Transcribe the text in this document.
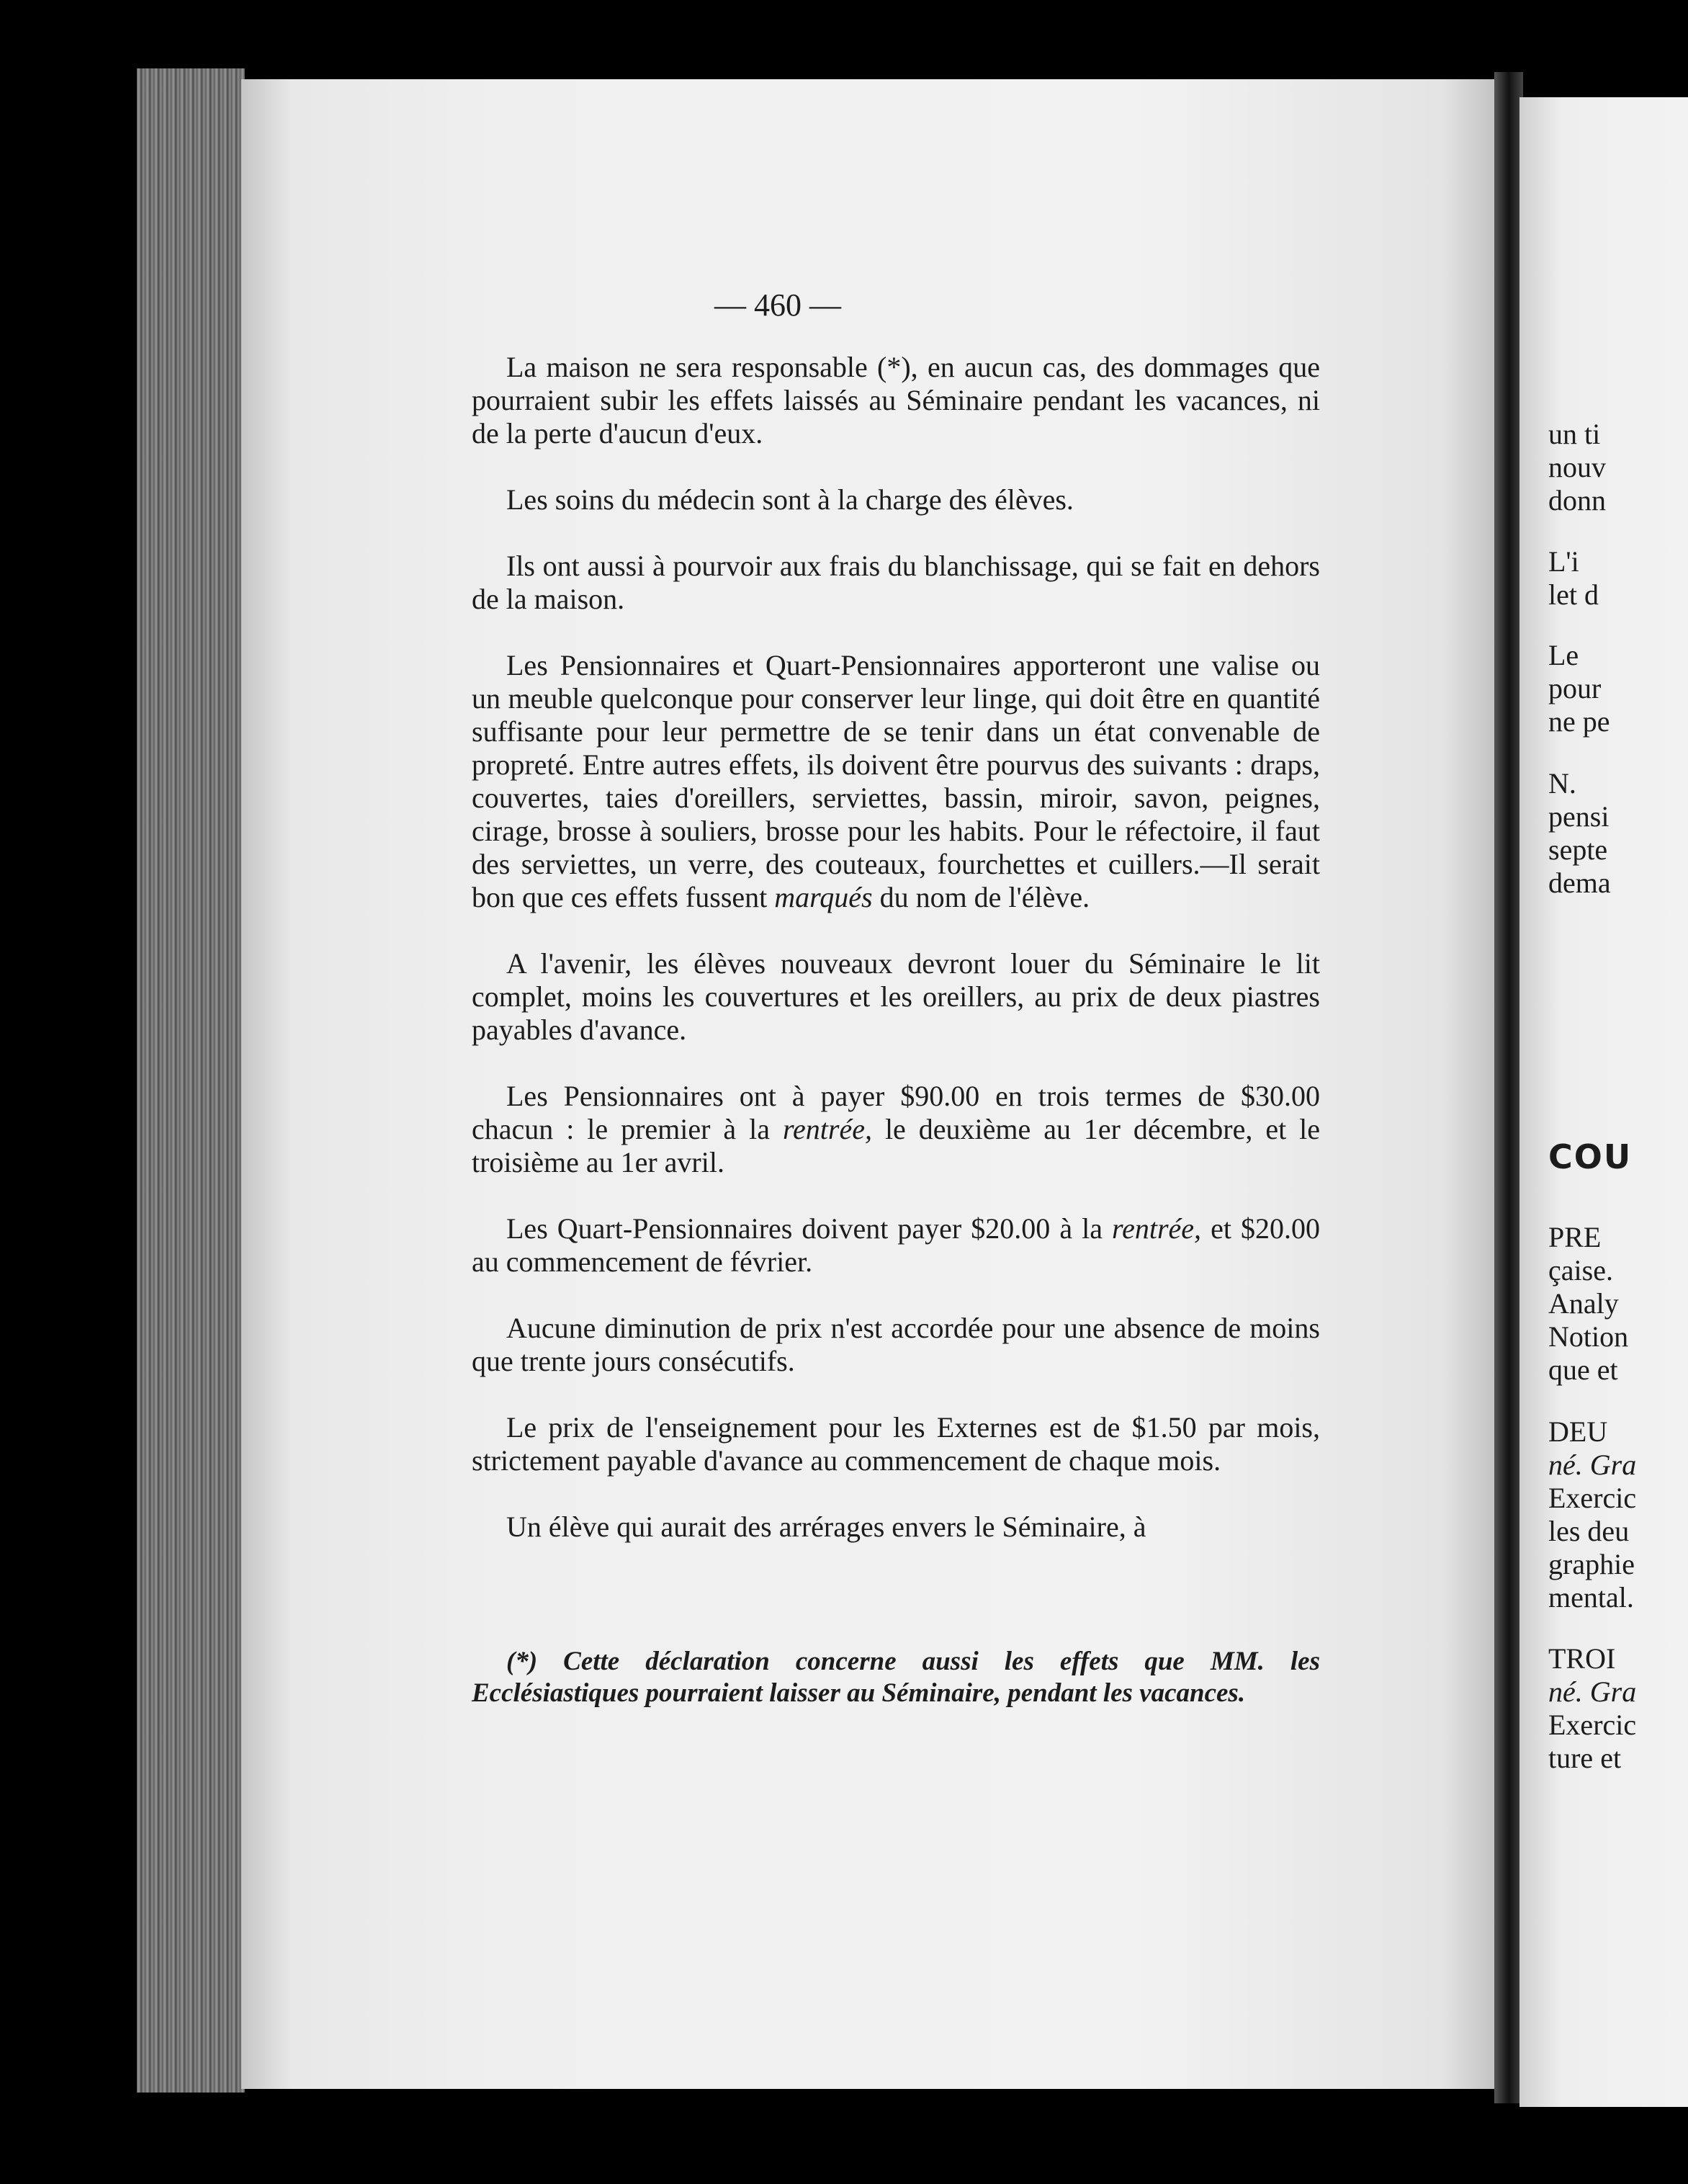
un ti
nouv
donn
L'i
let d
Le
pour
ne pe
N.
pensi
septe
dema
COU
PRE
çaise.
Analy
Notion
que et
DEU
né. Gra
Exercic
les deu
graphie
mental.
TROI
né. Gra
Exercic
ture et
— 460 —

La maison ne sera responsable (*), en aucun cas, des dommages que pourraient subir les effets laissés au Séminaire pendant les vacances, ni de la perte d'aucun d'eux.

Les soins du médecin sont à la charge des élèves.

Ils ont aussi à pourvoir aux frais du blanchissage, qui se fait en dehors de la maison.

Les Pensionnaires et Quart-Pensionnaires apporteront une valise ou un meuble quelconque pour conserver leur linge, qui doit être en quantité suffisante pour leur permettre de se tenir dans un état convenable de propreté. Entre autres effets, ils doivent être pourvus des suivants : draps, couvertes, taies d'oreillers, serviettes, bassin, miroir, savon, peignes, cirage, brosse à souliers, brosse pour les habits. Pour le réfectoire, il faut des serviettes, un verre, des couteaux, fourchettes et cuillers.—Il serait bon que ces effets fussent marqués du nom de l'élève.

A l'avenir, les élèves nouveaux devront louer du Séminaire le lit complet, moins les couvertures et les oreillers, au prix de deux piastres payables d'avance.

Les Pensionnaires ont à payer $90.00 en trois termes de $30.00 chacun : le premier à la rentrée, le deuxième au 1er décembre, et le troisième au 1er avril.

Les Quart-Pensionnaires doivent payer $20.00 à la rentrée, et $20.00 au commencement de février.

Aucune diminution de prix n'est accordée pour une absence de moins que trente jours consécutifs.

Le prix de l'enseignement pour les Externes est de $1.50 par mois, strictement payable d'avance au commencement de chaque mois.

Un élève qui aurait des arrérages envers le Séminaire, à

(*) Cette déclaration concerne aussi les effets que MM. les Ecclésiastiques pourraient laisser au Séminaire, pendant les vacances.
